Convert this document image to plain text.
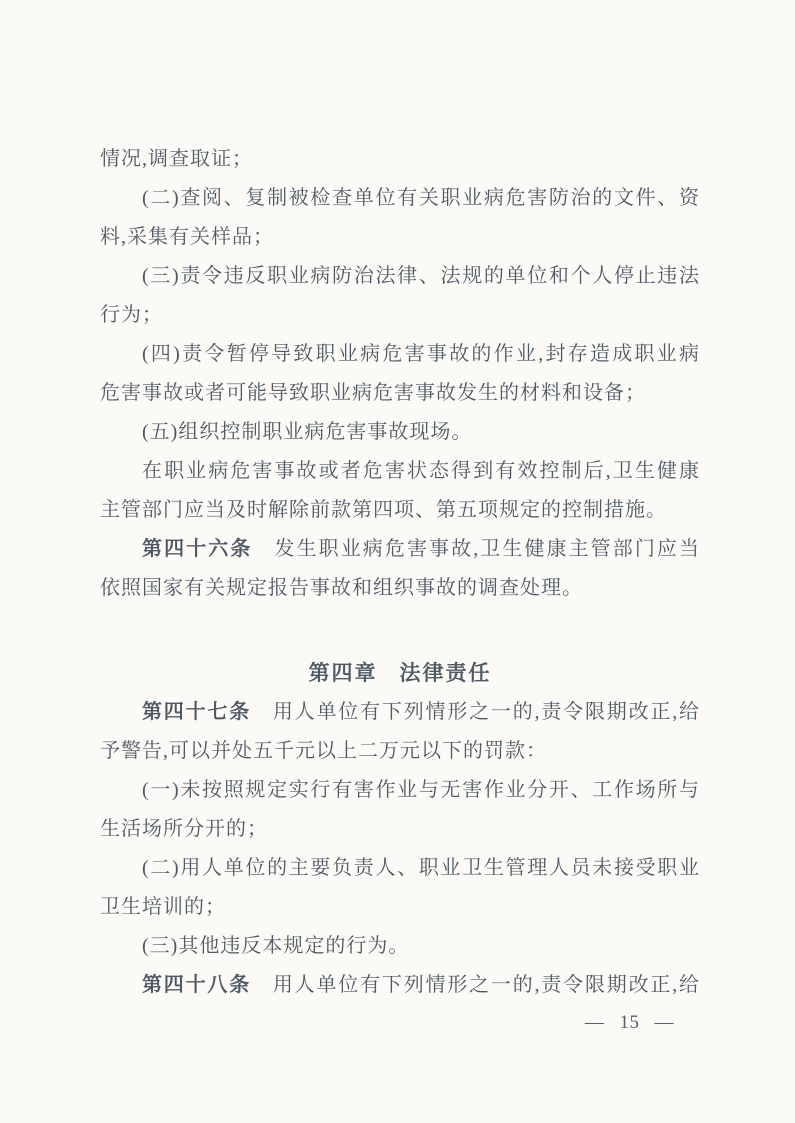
情况,调查取证；
(二)查阅、复制被检查单位有关职业病危害防治的文件、资
料,采集有关样品；
(三)责令违反职业病防治法律、法规的单位和个人停止违法
行为；
(四)责令暂停导致职业病危害事故的作业,封存造成职业病
危害事故或者可能导致职业病危害事故发生的材料和设备；
(五)组织控制职业病危害事故现场。
在职业病危害事故或者危害状态得到有效控制后,卫生健康
主管部门应当及时解除前款第四项、第五项规定的控制措施。
第四十六条　发生职业病危害事故,卫生健康主管部门应当
依照国家有关规定报告事故和组织事故的调查处理。
第四章 法律责任
第四十七条　用人单位有下列情形之一的,责令限期改正,给
予警告,可以并处五千元以上二万元以下的罚款：
(一)未按照规定实行有害作业与无害作业分开、工作场所与
生活场所分开的；
(二)用人单位的主要负责人、职业卫生管理人员未接受职业
卫生培训的；
(三)其他违反本规定的行为。
第四十八条　用人单位有下列情形之一的,责令限期改正,给
— 15 —
